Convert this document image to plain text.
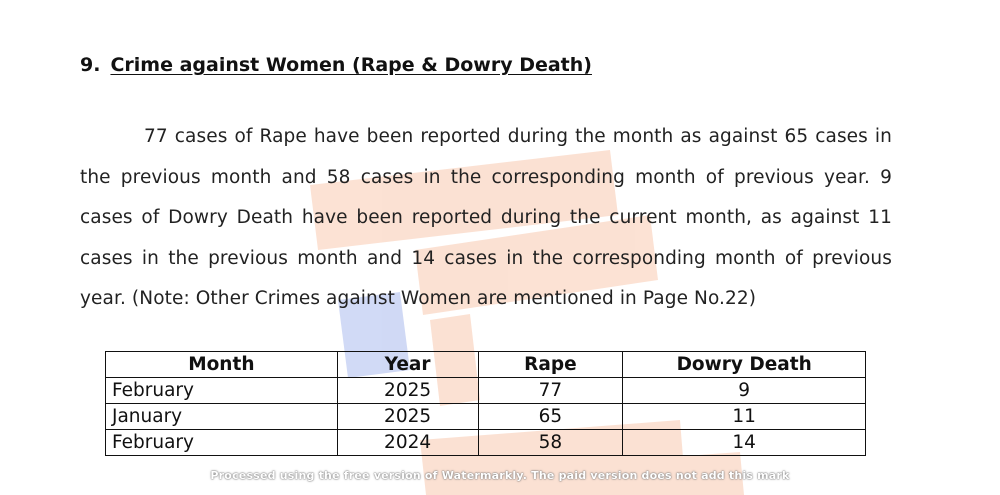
9. Crime against Women (Rape & Dowry Death)
77 cases of Rape have been reported during the month as against 65 cases in the previous month and 58 cases in the corresponding month of previous year. 9 cases of Dowry Death have been reported during the current month, as against 11 cases in the previous month and 14 cases in the corresponding month of previous year. (Note: Other Crimes against Women are mentioned in Page No.22)
Month	Year	Rape	Dowry Death
February	2025	77	9
January	2025	65	11
February	2024	58	14
Processed using the free version of Watermarkly. The paid version does not add this mark
